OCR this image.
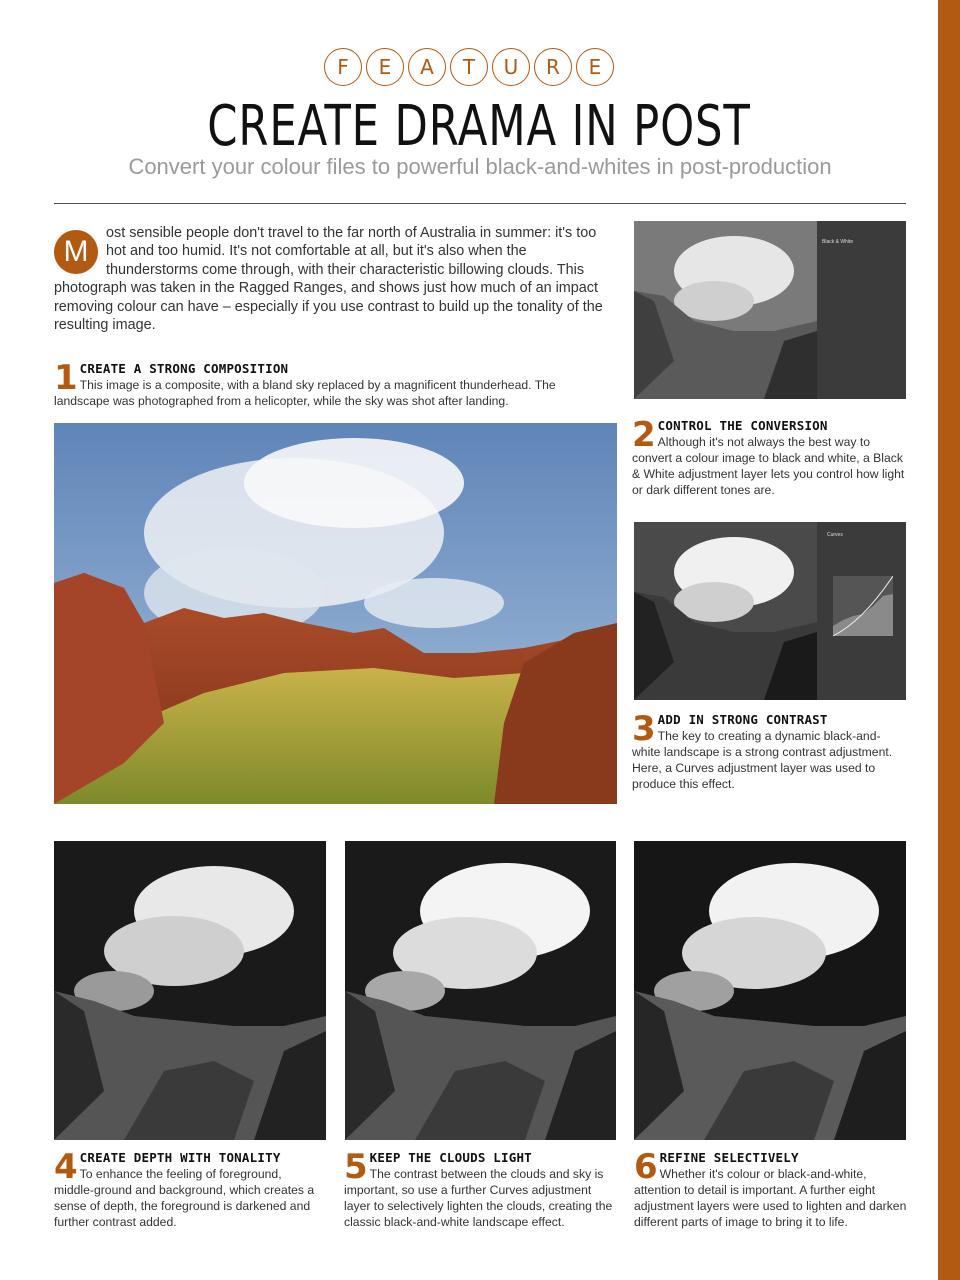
F	E	A	T	U	R	E
CREATE DRAMA IN POST
Convert your colour files to powerful black-and-whites in post-production
M
ost sensible people don't travel to the far north of Australia in summer: it's too hot and too humid. It's not comfortable at all, but it's also when the thunderstorms come through, with their characteristic billowing clouds. This photograph was taken in the Ragged Ranges, and shows just how much of an impact removing colour can have – especially if you use contrast to build up the tonality of the resulting image.
1 CREATE A STRONG COMPOSITION
This image is a composite, with a bland sky replaced by a magnificent thunderhead. The landscape was photographed from a helicopter, while the sky was shot after landing.
Black & White
2 CONTROL THE CONVERSION
Although it's not always the best way to convert a colour image to black and white, a Black & White adjustment layer lets you control how light or dark different tones are.
Curves
3 ADD IN STRONG CONTRAST
The key to creating a dynamic black-and-white landscape is a strong contrast adjustment. Here, a Curves adjustment layer was used to produce this effect.
4 CREATE DEPTH WITH TONALITY
To enhance the feeling of foreground, middle-ground and background, which creates a sense of depth, the foreground is darkened and further contrast added.
5 KEEP THE CLOUDS LIGHT
The contrast between the clouds and sky is important, so use a further Curves adjustment layer to selectively lighten the clouds, creating the classic black-and-white landscape effect.
6 REFINE SELECTIVELY
Whether it's colour or black-and-white, attention to detail is important. A further eight adjustment layers were used to lighten and darken different parts of image to bring it to life.
